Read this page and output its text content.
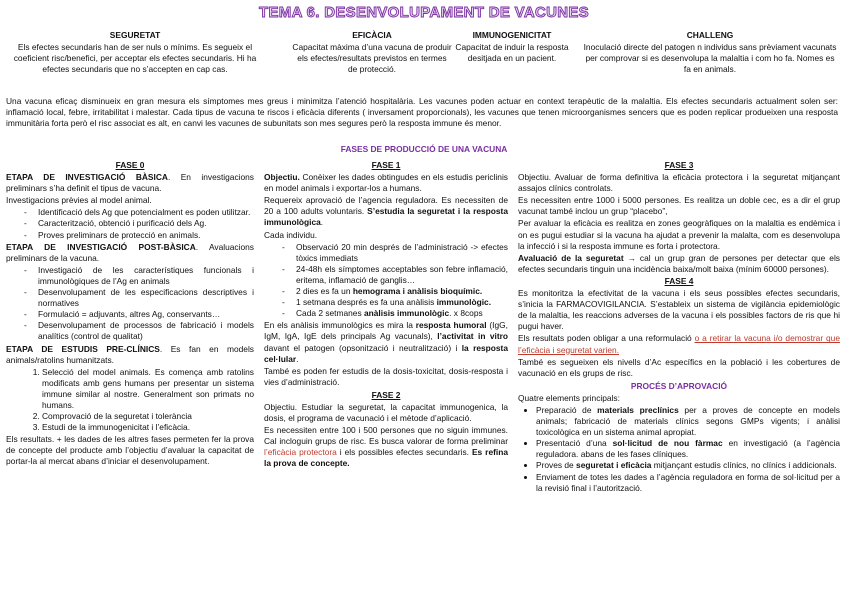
TEMA 6. DESENVOLUPAMENT DE VACUNES
SEGURETAT

Els efectes secundaris han de ser nuls o mínims. Es segueix el coeficient risc/benefici, per acceptar els efectes secundaris. Hi ha efectes secundaris que no s’accepten en cap cas.

EFICÀCIA

Capacitat màxima d’una vacuna de produir els efectes/resultats previstos en termes de protecció.

IMMUNOGENICITAT

Capacitat de induir la resposta desitjada en un pacient.

CHALLENG

Inoculació directe del patogen n individus sans prèviament vacunats per comprovar si es desenvolupa la malaltia i com ho fa. Nomes es fa en animals.

Una vacuna eficaç disminueix en gran mesura els símptomes mes greus i minimitza l’atenció hospitalària. Les vacunes poden actuar en context terapèutic de la malaltia. Els efectes secundaris actualment solen ser: inflamació local, febre, irritabilitat i malestar. Cada tipus de vacuna te riscos i eficàcia diferents ( inversament proporcionals), les vacunes que tenen microorganismes sencers que es poden replicar produeixen una resposta immunitària forta però el risc associat es alt, en canvi les vacunes de subunitats son mes segures però la resposta immune és menor.

FASES DE PRODUCCIÓ DE UNA VACUNA
FASE 0

ETAPA DE INVESTIGACIÓ BÀSICA. En investigacions preliminars s’ha definit el tipus de vacuna.

Investigacions prèvies al model animal.

- Identificació dels Ag que potencialment es poden utilitzar.
- Caracterització, obtenció i purificació dels Ag.
- Proves preliminars de protecció en animals.

ETAPA DE INVESTIGACIÓ POST-BÀSICA. Avaluacions preliminars de la vacuna.

- Investigació de les característiques funcionals i immunològiques de l’Ag en animals
- Desenvolupament de les especificacions descriptives i normatives
- Formulació = adjuvants, altres Ag, conservants…
- Desenvolupament de processos de fabricació i models analítics (control de qualitat)

ETAPA DE ESTUDIS PRE-CLÍNICS. Es fan en models animals/ratolins humanitzats.

1. Selecció del model animals. Es comença amb ratolins modificats amb gens humans per presentar un sistema immune similar al nostre. Generalment son primats no humans.
2. Comprovació de la seguretat i tolerància
3. Estudi de la immunogenicitat i l’eficàcia.

Els resultats. + les dades de les altres fases permeten fer la prova de concepte del producte amb l’objectiu d’avaluar la capacitat de portar-la al mercat abans d’iniciar el desenvolupament.

FASE 1

Objectiu. Conèixer les dades obtingudes en els estudis periclinis en model animals i exportar-los a humans.

Requereix aprovació de l’agencia reguladora. Es necessiten de 20 a 100 adults voluntaris. S’estudia la seguretat i la resposta immunològica.

Cada individu.

- Observació 20 min després de l’administració -> efectes tòxics immediats
- 24-48h els símptomes acceptables son febre inflamació, eritema, inflamació de ganglis…
- 2 dies es fa un hemograma i anàlisis bioquímic.
- 1 setmana després es fa una anàlisis immunològic.
- Cada 2 setmanes anàlisis immunològic. x 8cops

En els anàlisis immunològics es mira la resposta humoral (IgG, IgM, IgA, IgE dels principals Ag vacunals), l’activitat in vitro davant el patogen (opsonització i neutralització) i la resposta cel·lular.

També es poden fer estudis de la dosis-toxicitat, dosis-resposta i vies d’administració.

FASE 2

Objectiu. Estudiar la seguretat, la capacitat immunogenica, la dosis, el programa de vacunació i el mètode d’aplicació.

Es necessiten entre 100 i 500 persones que no siguin immunes. Cal incloguin grups de risc. Es busca valorar de forma preliminar l’eficàcia protectora i els possibles efectes secundaris. Es refina la prova de concepte.

FASE 3

Objectiu. Avaluar de forma definitiva la eficàcia protectora i la seguretat mitjançant assajos clínics controlats.

Es necessiten entre 1000 i 5000 persones. Es realitza un doble cec, es a dir el grup vacunat també inclou un grup “placebo”,

Per avaluar la eficàcia es realitza en zones geogràfiques on la malaltia es endèmica i on es pugui estudiar si la vacuna ha ajudat a prevenir la malalta, com es desenvolupa la infecció i si la resposta immune es forta i protectora.

Avaluació de la seguretat → cal un grup gran de persones per detectar que els efectes secundaris tinguin una incidència baixa/molt baixa (mínim 60000 persones).

FASE 4

Es monitoritza la efectivitat de la vacuna i els seus possibles efectes secundaris, s’inicia la FARMACOVIGILANCIA. S’estableix un sistema de vigilància epidemiològic de la malaltia, les reaccions adverses de la vacuna i els possibles factors de ris que hi pugui haver.

Els resultats poden obligar a una reformulació o a retirar la vacuna i/o demostrar que l’eficàcia i seguretat varien.

També es segueixen els nivells d’Ac específics en la població i les cobertures de vacunació en els grups de risc.

PROCÉS D’APROVACIÓ

Quatre elements principals:

• Preparació de materials preclínics per a proves de concepte en models animals; fabricació de materials clínics segons GMPs vigents; i anàlisi toxicològica en un sistema animal apropiat.
• Presentació d’una sol·licitud de nou fàrmac en investigació (a l’agència reguladora. abans de les fases clíniques.
• Proves de seguretat i eficàcia mitjançant estudis clínics, no clínics i addicionals.
• Enviament de totes les dades a l’agència reguladora en forma de sol·licitud per a la revisió final i l’autorització.
